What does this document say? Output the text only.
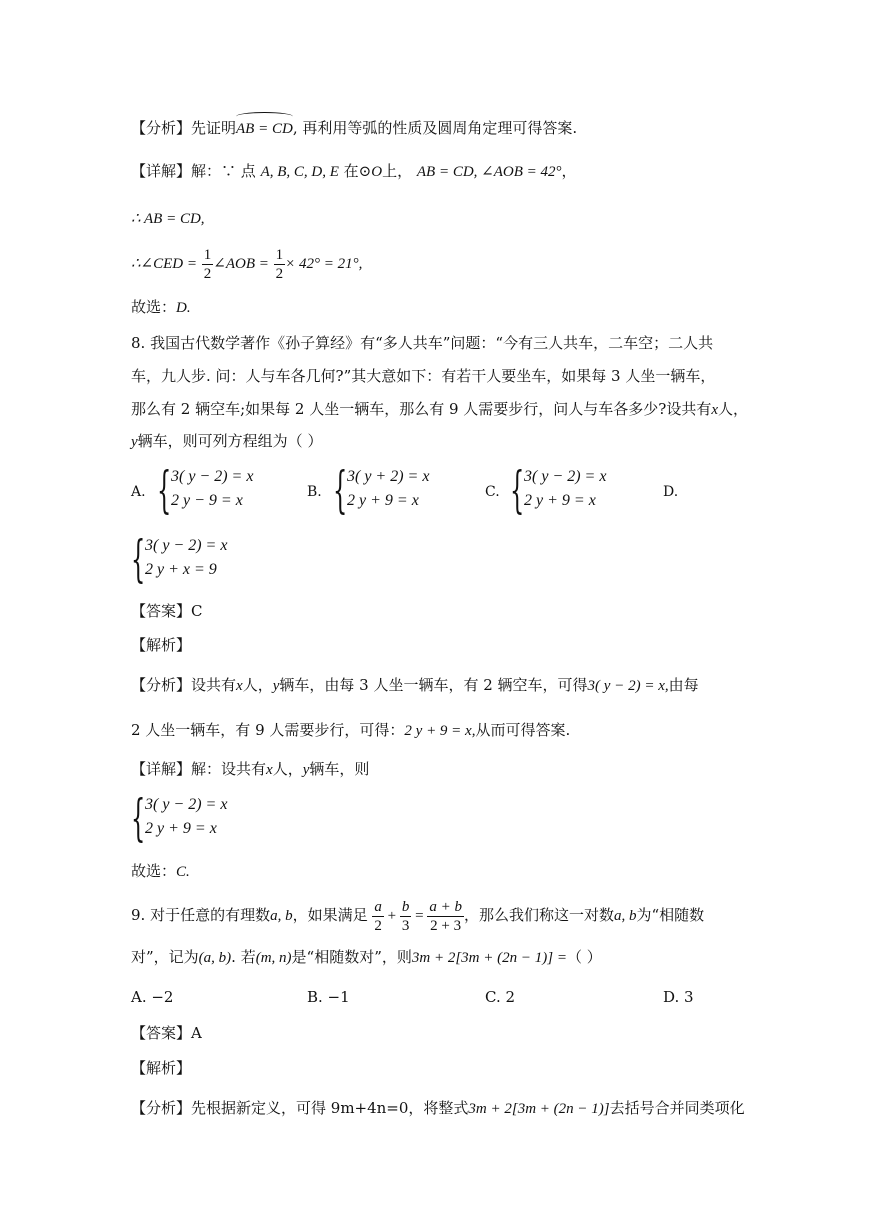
【分析】先证明AB = CD, 再利用等弧的性质及圆周角定理可得答案.
【详解】解：∵ 点 A, B, C, D, E 在⊙O上， AB = CD, ∠AOB = 42°，
∴ AB = CD,
∴∠CED = $\frac{1}{2}$ ∠AOB = $\frac{1}{2} \times 42^\circ = 21^\circ$,
故选：D.
8. 我国古代数学著作《孙子算经》有“多人共车”问题：“今有三人共车，二车空；二人共
车，九人步. 问：人与车各几何?”其大意如下：有若干人要坐车，如果每 3 人坐一辆车，
那么有 2 辆空车;如果每 2 人坐一辆车，那么有 9 人需要步行，问人与车各多少?设共有x人，
y辆车，则可列方程组为（ ）
A. { 3( y − 2) = x
2 y − 9 = x	B. { 3( y + 2) = x
2 y + 9 = x	C. { 3( y − 2) = x
2 y + 9 = x	D.
{ 3( y − 2) = x
2 y + x = 9
【答案】C
【解析】
【分析】设共有x人，y辆车，由每 3 人坐一辆车，有 2 辆空车，可得3( y − 2) = x,由每
2 人坐一辆车，有 9 人需要步行，可得：2 y + 9 = x,从而可得答案.
【详解】解：设共有x人，y辆车，则
{ 3( y − 2) = x
2 y + 9 = x
故选：C.
9. 对于任意的有理数a, b，如果满足 $\frac{a}{2} + \frac{b}{3} = \frac{a + b}{2 + 3}$ ，那么我们称这一对数a, b为“相随数
对”，记为(a, b). 若(m, n)是“相随数对”，则3m + 2[3m + (2n − 1)] =（ ）
A. −2	B. −1	C. 2	D. 3
【答案】A
【解析】
【分析】先根据新定义，可得 9m+4n=0，将整式3m + 2[3m + (2n − 1)]去括号合并同类项化
